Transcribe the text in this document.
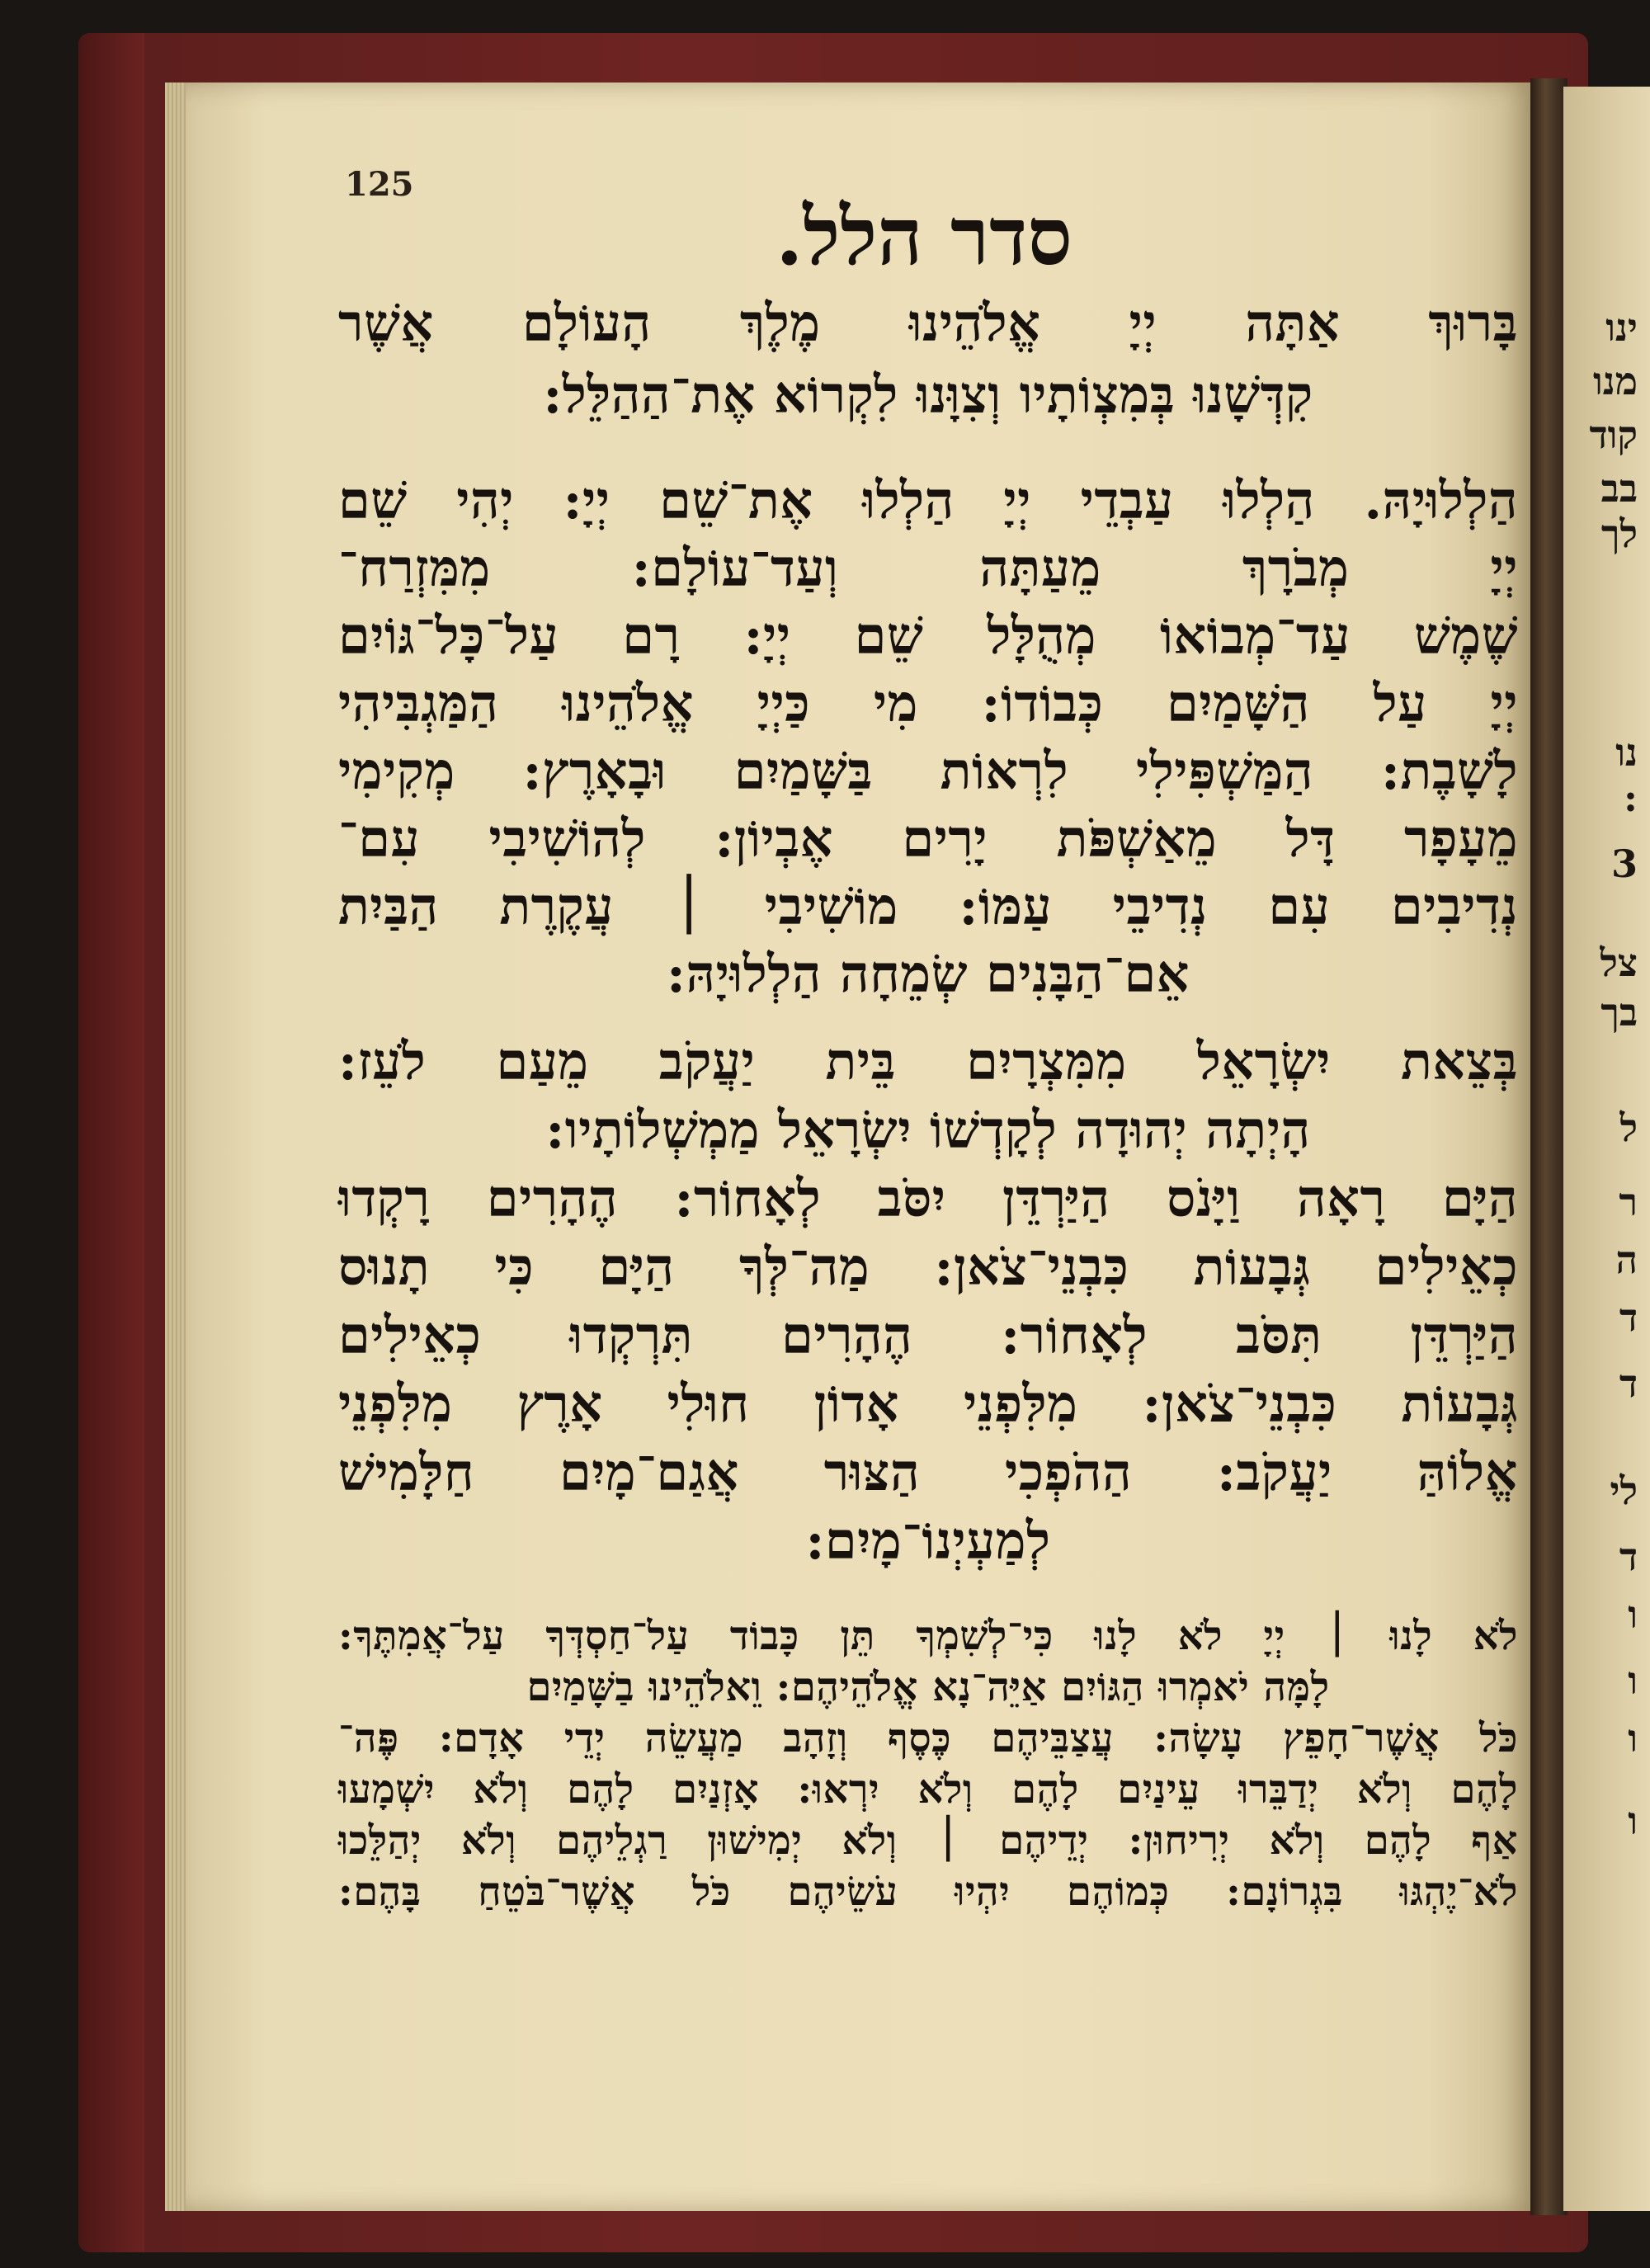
ינו
מנו
קוד
בב
לך
נו
:
3
צל
בך
ל
ר
ה
ד
ד
לי
ד
ו
ו
ו
ו
125
סדר הלל.
בָּרוּךְ אַתָּה יְיָ אֱלֹהֵינוּ מֶלֶךְ הָעוֹלָם אֲשֶׁר
קִדְּשָׁנוּ בְּמִצְוֹתָיו וְצִוָּנוּ לִקְרוֹא אֶת־הַהַלֵּל:
הַלְלוּיָהּ. הַלְלוּ עַבְדֵי יְיָ הַלְלוּ אֶת־שֵׁם יְיָ: יְהִי שֵׁם
יְיָ מְבֹרָךְ מֵעַתָּה וְעַד־עוֹלָם: מִמִּזְרַח־
שֶׁמֶשׁ עַד־מְבוֹאוֹ מְהֻלָּל שֵׁם יְיָ: רָם עַל־כָּל־גּוֹיִם
יְיָ עַל הַשָּׁמַיִם כְּבוֹדוֹ: מִי כַּיְיָ אֱלֹהֵינוּ הַמַּגְבִּיהִי
לָשָׁבֶת: הַמַּשְׁפִּילִי לִרְאוֹת בַּשָּׁמַיִם וּבָאָרֶץ: מְקִימִי
מֵעָפָר דָּל מֵאַשְׁפֹּת יָרִים אֶבְיוֹן: לְהוֹשִׁיבִי עִם־
נְדִיבִים עִם נְדִיבֵי עַמּוֹ: מוֹשִׁיבִי ׀ עֲקֶרֶת הַבַּיִת
אֵם־הַבָּנִים שְׂמֵחָה הַלְלוּיָהּ:
בְּצֵאת יִשְׂרָאֵל מִמִּצְרָיִם בֵּית יַעֲקֹב מֵעַם לֹעֵז:
הָיְתָה יְהוּדָה לְקָדְשׁוֹ יִשְׂרָאֵל מַמְשְׁלוֹתָיו:
הַיָּם רָאָה וַיָּנֹס הַיַּרְדֵּן יִסֹּב לְאָחוֹר: הֶהָרִים רָקְדוּ
כְאֵילִים גְּבָעוֹת כִּבְנֵי־צֹאן: מַה־לְּךָ הַיָּם כִּי תָנוּס
הַיַּרְדֵּן תִּסֹּב לְאָחוֹר: הֶהָרִים תִּרְקְדוּ כְאֵילִים
גְּבָעוֹת כִּבְנֵי־צֹאן: מִלִּפְנֵי אָדוֹן חוּלִי אָרֶץ מִלִּפְנֵי
אֱלוֹהַּ יַעֲקֹב: הַהֹפְכִי הַצּוּר אֲגַם־מָיִם חַלָּמִישׁ
לְמַעְיְנוֹ־מָיִם:
לֹא לָנוּ ׀ יְיָ לֹא לָנוּ כִּי־לְשִׁמְךָ תֵּן כָּבוֹד עַל־חַסְדְּךָ עַל־אֲמִתֶּךָ:
לָמָּה יֹאמְרוּ הַגּוֹיִם אַיֵּה־נָא אֱלֹהֵיהֶם: וֵאלֹהֵינוּ בַשָּׁמַיִם
כֹּל אֲשֶׁר־חָפֵץ עָשָׂה: עֲצַבֵּיהֶם כֶּסֶף וְזָהָב מַעֲשֵׂה יְדֵי אָדָם: פֶּה־
לָהֶם וְלֹא יְדַבֵּרוּ עֵינַיִם לָהֶם וְלֹא יִרְאוּ: אָזְנַיִם לָהֶם וְלֹא יִשְׁמָעוּ
אַף לָהֶם וְלֹא יְרִיחוּן: יְדֵיהֶם ׀ וְלֹא יְמִישׁוּן רַגְלֵיהֶם וְלֹא יְהַלֵּכוּ
לֹא־יֶהְגּוּ בִּגְרוֹנָם: כְּמוֹהֶם יִהְיוּ עֹשֵׂיהֶם כֹּל אֲשֶׁר־בֹּטֵחַ בָּהֶם:
